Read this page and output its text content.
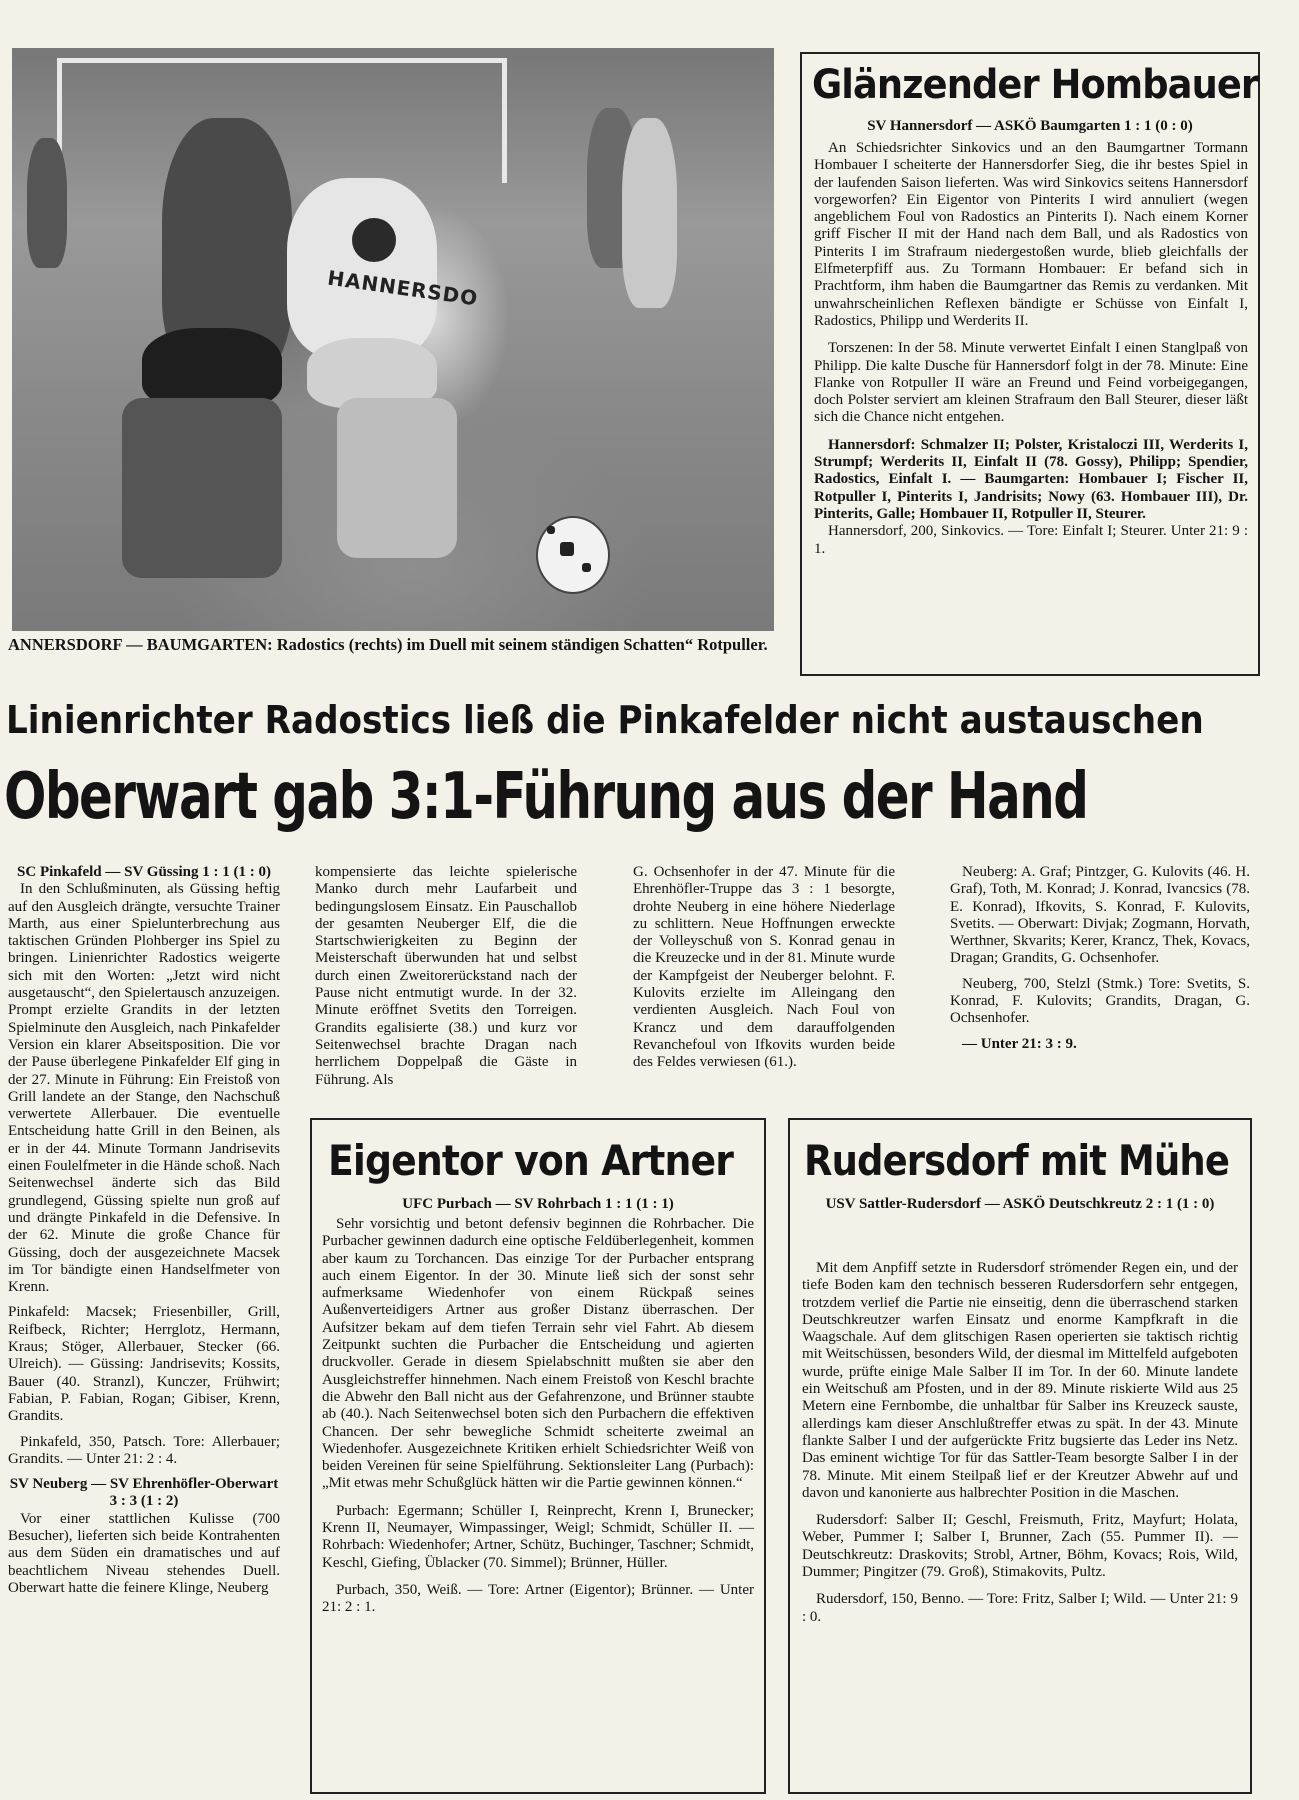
HANNERSDO
ANNERSDORF — BAUMGARTEN: Radostics (rechts) im Duell mit seinem ständigen Schatten“ Rotpuller.
Glänzender Hombauer
SV Hannersdorf — ASKÖ Baumgarten 1 : 1 (0 : 0)

An Schiedsrichter Sinkovics und an den Baumgartner Tormann Hombauer I scheiterte der Hannersdorfer Sieg, die ihr bestes Spiel in der laufenden Saison lieferten. Was wird Sinkovics seitens Hannersdorf vorgeworfen? Ein Eigentor von Pinterits I wird annuliert (wegen angeblichem Foul von Radostics an Pinterits I). Nach einem Korner griff Fischer II mit der Hand nach dem Ball, und als Radostics von Pinterits I im Strafraum niedergestoßen wurde, blieb gleichfalls der Elfmeterpfiff aus. Zu Tormann Hombauer: Er befand sich in Prachtform, ihm haben die Baumgartner das Remis zu verdanken. Mit unwahrscheinlichen Reflexen bändigte er Schüsse von Einfalt I, Radostics, Philipp und Werderits II.

Torszenen: In der 58. Minute verwertet Einfalt I einen Stanglpaß von Philipp. Die kalte Dusche für Hannersdorf folgt in der 78. Minute: Eine Flanke von Rotpuller II wäre an Freund und Feind vorbeigegangen, doch Polster serviert am kleinen Strafraum den Ball Steurer, dieser läßt sich die Chance nicht entgehen.

Hannersdorf: Schmalzer II; Polster, Kristaloczi III, Werderits I, Strumpf; Werderits II, Einfalt II (78. Gossy), Philipp; Spendier, Radostics, Einfalt I. — Baumgarten: Hombauer I; Fischer II, Rotpuller I, Pinterits I, Jandrisits; Nowy (63. Hombauer III), Dr. Pinterits, Galle; Hombauer II, Rotpuller II, Steurer.

Hannersdorf, 200, Sinkovics. — Tore: Einfalt I; Steurer. Unter 21: 9 : 1.

Linienrichter Radostics ließ die Pinkafelder nicht austauschen
Oberwart gab 3:1-Führung aus der Hand

SC Pinkafeld — SV Güssing 1 : 1 (1 : 0)

In den Schlußminuten, als Güssing heftig auf den Ausgleich drängte, versuchte Trainer Marth, aus einer Spielunterbrechung aus taktischen Gründen Plohberger ins Spiel zu bringen. Linienrichter Radostics weigerte sich mit den Worten: „Jetzt wird nicht ausgetauscht“, den Spielertausch anzuzeigen. Prompt erzielte Grandits in der letzten Spielminute den Ausgleich, nach Pinkafelder Version ein klarer Abseitsposition. Die vor der Pause überlegene Pinkafelder Elf ging in der 27. Minute in Führung: Ein Freistoß von Grill landete an der Stange, den Nachschuß verwertete Allerbauer. Die eventuelle Entscheidung hatte Grill in den Beinen, als er in der 44. Minute Tormann Jandrisevits einen Foulelfmeter in die Hände schoß. Nach Seitenwechsel änderte sich das Bild grundlegend, Güssing spielte nun groß auf und drängte Pinkafeld in die Defensive. In der 62. Minute die große Chance für Güssing, doch der ausgezeichnete Macsek im Tor bändigte einen Handselfmeter von Krenn.

Pinkafeld: Macsek; Friesenbiller, Grill, Reifbeck, Richter; Herrglotz, Hermann, Kraus; Stöger, Allerbauer, Stecker (66. Ulreich). — Güssing: Jandrisevits; Kossits, Bauer (40. Stranzl), Kunczer, Frühwirt; Fabian, P. Fabian, Rogan; Gibiser, Krenn, Grandits.

Pinkafeld, 350, Patsch. Tore: Allerbauer; Grandits. — Unter 21: 2 : 4.

SV Neuberg — SV Ehrenhöfler-Oberwart 3 : 3 (1 : 2)

Vor einer stattlichen Kulisse (700 Besucher), lieferten sich beide Kontrahenten aus dem Süden ein dramatisches und auf beachtlichem Niveau stehendes Duell. Oberwart hatte die feinere Klinge, Neuberg

kompensierte das leichte spielerische Manko durch mehr Laufarbeit und bedingungslosem Einsatz. Ein Pauschallob der gesamten Neuberger Elf, die die Startschwierigkeiten zu Beginn der Meisterschaft überwunden hat und selbst durch einen Zweitorerückstand nach der Pause nicht entmutigt wurde. In der 32. Minute eröffnet Svetits den Torreigen. Grandits egalisierte (38.) und kurz vor Seitenwechsel brachte Dragan nach herrlichem Doppelpaß die Gäste in Führung. Als

G. Ochsenhofer in der 47. Minute für die Ehrenhöfler-Truppe das 3 : 1 besorgte, drohte Neuberg in eine höhere Niederlage zu schlittern. Neue Hoffnungen erweckte der Volleyschuß von S. Konrad genau in die Kreuzecke und in der 81. Minute wurde der Kampfgeist der Neuberger belohnt. F. Kulovits erzielte im Alleingang den verdienten Ausgleich. Nach Foul von Krancz und dem darauffolgenden Revanchefoul von Ifkovits wurden beide des Feldes verwiesen (61.).

Neuberg: A. Graf; Pintzger, G. Kulovits (46. H. Graf), Toth, M. Konrad; J. Konrad, Ivancsics (78. E. Konrad), Ifkovits, S. Konrad, F. Kulovits, Svetits. — Oberwart: Divjak; Zogmann, Horvath, Werthner, Skvarits; Kerer, Krancz, Thek, Kovacs, Dragan; Grandits, G. Ochsenhofer.

Neuberg, 700, Stelzl (Stmk.) Tore: Svetits, S. Konrad, F. Kulovits; Grandits, Dragan, G. Ochsenhofer.

— Unter 21: 3 : 9.

Eigentor von Artner
UFC Purbach — SV Rohrbach 1 : 1 (1 : 1)

Sehr vorsichtig und betont defensiv beginnen die Rohrbacher. Die Purbacher gewinnen dadurch eine optische Feldüberlegenheit, kommen aber kaum zu Torchancen. Das einzige Tor der Purbacher entsprang auch einem Eigentor. In der 30. Minute ließ sich der sonst sehr aufmerksame Wiedenhofer von einem Rückpaß seines Außenverteidigers Artner aus großer Distanz überraschen. Der Aufsitzer bekam auf dem tiefen Terrain sehr viel Fahrt. Ab diesem Zeitpunkt suchten die Purbacher die Entscheidung und agierten druckvoller. Gerade in diesem Spielabschnitt mußten sie aber den Ausgleichstreffer hinnehmen. Nach einem Freistoß von Keschl brachte die Abwehr den Ball nicht aus der Gefahrenzone, und Brünner staubte ab (40.). Nach Seitenwechsel boten sich den Purbachern die effektiven Chancen. Der sehr bewegliche Schmidt scheiterte zweimal an Wiedenhofer. Ausgezeichnete Kritiken erhielt Schiedsrichter Weiß von beiden Vereinen für seine Spielführung. Sektionsleiter Lang (Purbach): „Mit etwas mehr Schußglück hätten wir die Partie gewinnen können.“

Purbach: Egermann; Schüller I, Reinprecht, Krenn I, Brunecker; Krenn II, Neumayer, Wimpassinger, Weigl; Schmidt, Schüller II. — Rohrbach: Wiedenhofer; Artner, Schütz, Buchinger, Taschner; Schmidt, Keschl, Giefing, Üblacker (70. Simmel); Brünner, Hüller.

Purbach, 350, Weiß. — Tore: Artner (Eigentor); Brünner. — Unter 21: 2 : 1.

Rudersdorf mit Mühe
USV Sattler-Rudersdorf — ASKÖ Deutschkreutz 2 : 1 (1 : 0)

Mit dem Anpfiff setzte in Rudersdorf strömender Regen ein, und der tiefe Boden kam den technisch besseren Rudersdorfern sehr entgegen, trotzdem verlief die Partie nie einseitig, denn die überraschend starken Deutschkreutzer warfen Einsatz und enorme Kampfkraft in die Waagschale. Auf dem glitschigen Rasen operierten sie taktisch richtig mit Weitschüssen, besonders Wild, der diesmal im Mittelfeld aufgeboten wurde, prüfte einige Male Salber II im Tor. In der 60. Minute landete ein Weitschuß am Pfosten, und in der 89. Minute riskierte Wild aus 25 Metern eine Fernbombe, die unhaltbar für Salber ins Kreuzeck sauste, allerdings kam dieser Anschlußtreffer etwas zu spät. In der 43. Minute flankte Salber I und der aufgerückte Fritz bugsierte das Leder ins Netz. Das eminent wichtige Tor für das Sattler-Team besorgte Salber I in der 78. Minute. Mit einem Steilpaß lief er der Kreutzer Abwehr auf und davon und kanonierte aus halbrechter Position in die Maschen.

Rudersdorf: Salber II; Geschl, Freismuth, Fritz, Mayfurt; Holata, Weber, Pummer I; Salber I, Brunner, Zach (55. Pummer II). — Deutschkreutz: Draskovits; Strobl, Artner, Böhm, Kovacs; Rois, Wild, Dummer; Pingitzer (79. Groß), Stimakovits, Pultz.

Rudersdorf, 150, Benno. — Tore: Fritz, Salber I; Wild. — Unter 21: 9 : 0.
